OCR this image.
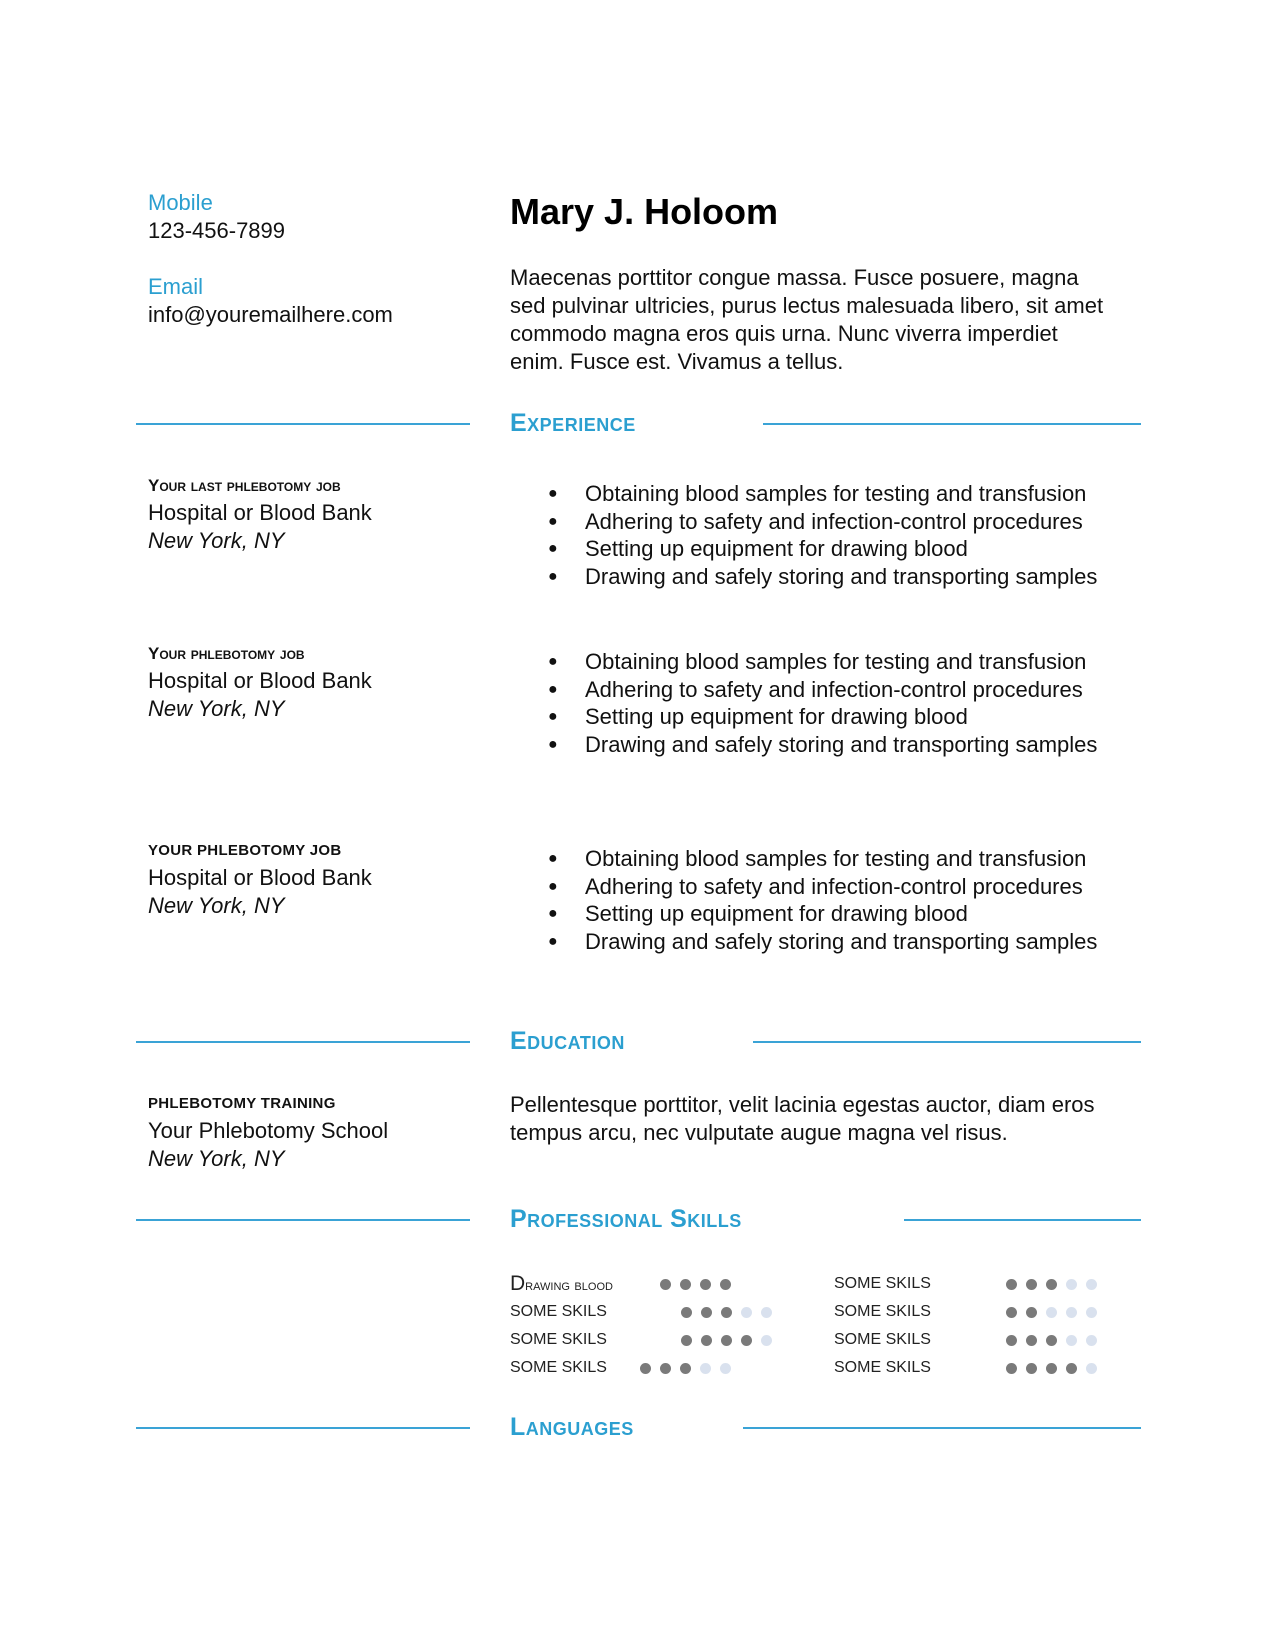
Mobile
123-456-7899
Email
info@youremailhere.com
Mary J. Holoom
Maecenas porttitor congue massa. Fusce posuere, magna sed pulvinar ultricies, purus lectus malesuada libero, sit amet commodo magna eros quis urna. Nunc viverra imperdiet enim. Fusce est. Vivamus a tellus.
Experience
Your last phlebotomy job
Hospital or Blood Bank
New York, NY
● Obtaining blood samples for testing and transfusion
● Adhering to safety and infection-control procedures
● Setting up equipment for drawing blood
● Drawing and safely storing and transporting samples
Your phlebotomy job
Hospital or Blood Bank
New York, NY
● Obtaining blood samples for testing and transfusion
● Adhering to safety and infection-control procedures
● Setting up equipment for drawing blood
● Drawing and safely storing and transporting samples
YOUR PHLEBOTOMY JOB
Hospital or Blood Bank
New York, NY
● Obtaining blood samples for testing and transfusion
● Adhering to safety and infection-control procedures
● Setting up equipment for drawing blood
● Drawing and safely storing and transporting samples
Education
PHLEBOTOMY TRAINING
Your Phlebotomy School
New York, NY
Pellentesque porttitor, velit lacinia egestas auctor, diam eros tempus arcu, nec vulputate augue magna vel risus.
Professional Skills
Drawing blood
SOME SKILS
SOME SKILS
SOME SKILS
SOME SKILS
SOME SKILS
SOME SKILS
SOME SKILS
Languages
